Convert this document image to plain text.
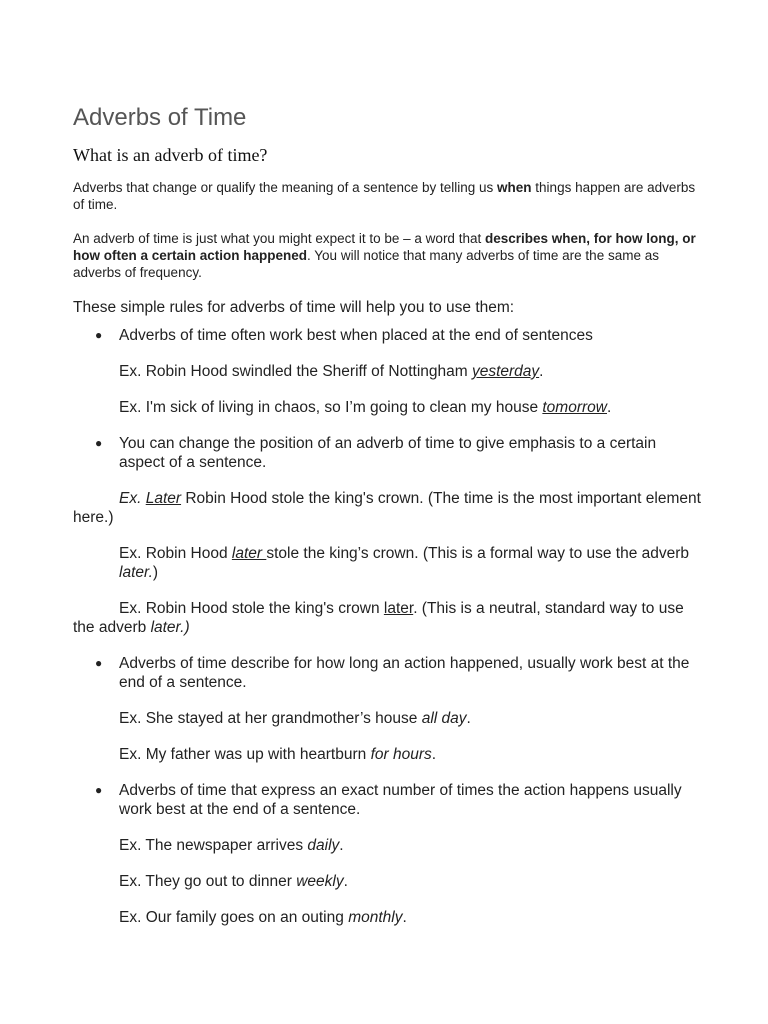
Adverbs of Time
What is an adverb of time?

Adverbs that change or qualify the meaning of a sentence by telling us when things happen are adverbs of time.

An adverb of time is just what you might expect it to be – a word that describes when, for how long, or how often a certain action happened. You will notice that many adverbs of time are the same as adverbs of frequency.

These simple rules for adverbs of time will help you to use them:

● Adverbs of time often work best when placed at the end of sentences
Ex. Robin Hood swindled the Sheriff of Nottingham yesterday.
Ex. I'm sick of living in chaos, so I’m going to clean my house tomorrow.
● You can change the position of an adverb of time to give emphasis to a certain aspect of a sentence.
Ex. Later Robin Hood stole the king's crown. (The time is the most important element here.)
Ex. Robin Hood later stole the king’s crown. (This is a formal way to use the adverb later.)
Ex. Robin Hood stole the king's crown later. (This is a neutral, standard way to use the adverb later.)
● Adverbs of time describe for how long an action happened, usually work best at the end of a sentence.
Ex. She stayed at her grandmother’s house all day.
Ex. My father was up with heartburn for hours.
● Adverbs of time that express an exact number of times the action happens usually work best at the end of a sentence.
Ex. The newspaper arrives daily.
Ex. They go out to dinner weekly.
Ex. Our family goes on an outing monthly.
